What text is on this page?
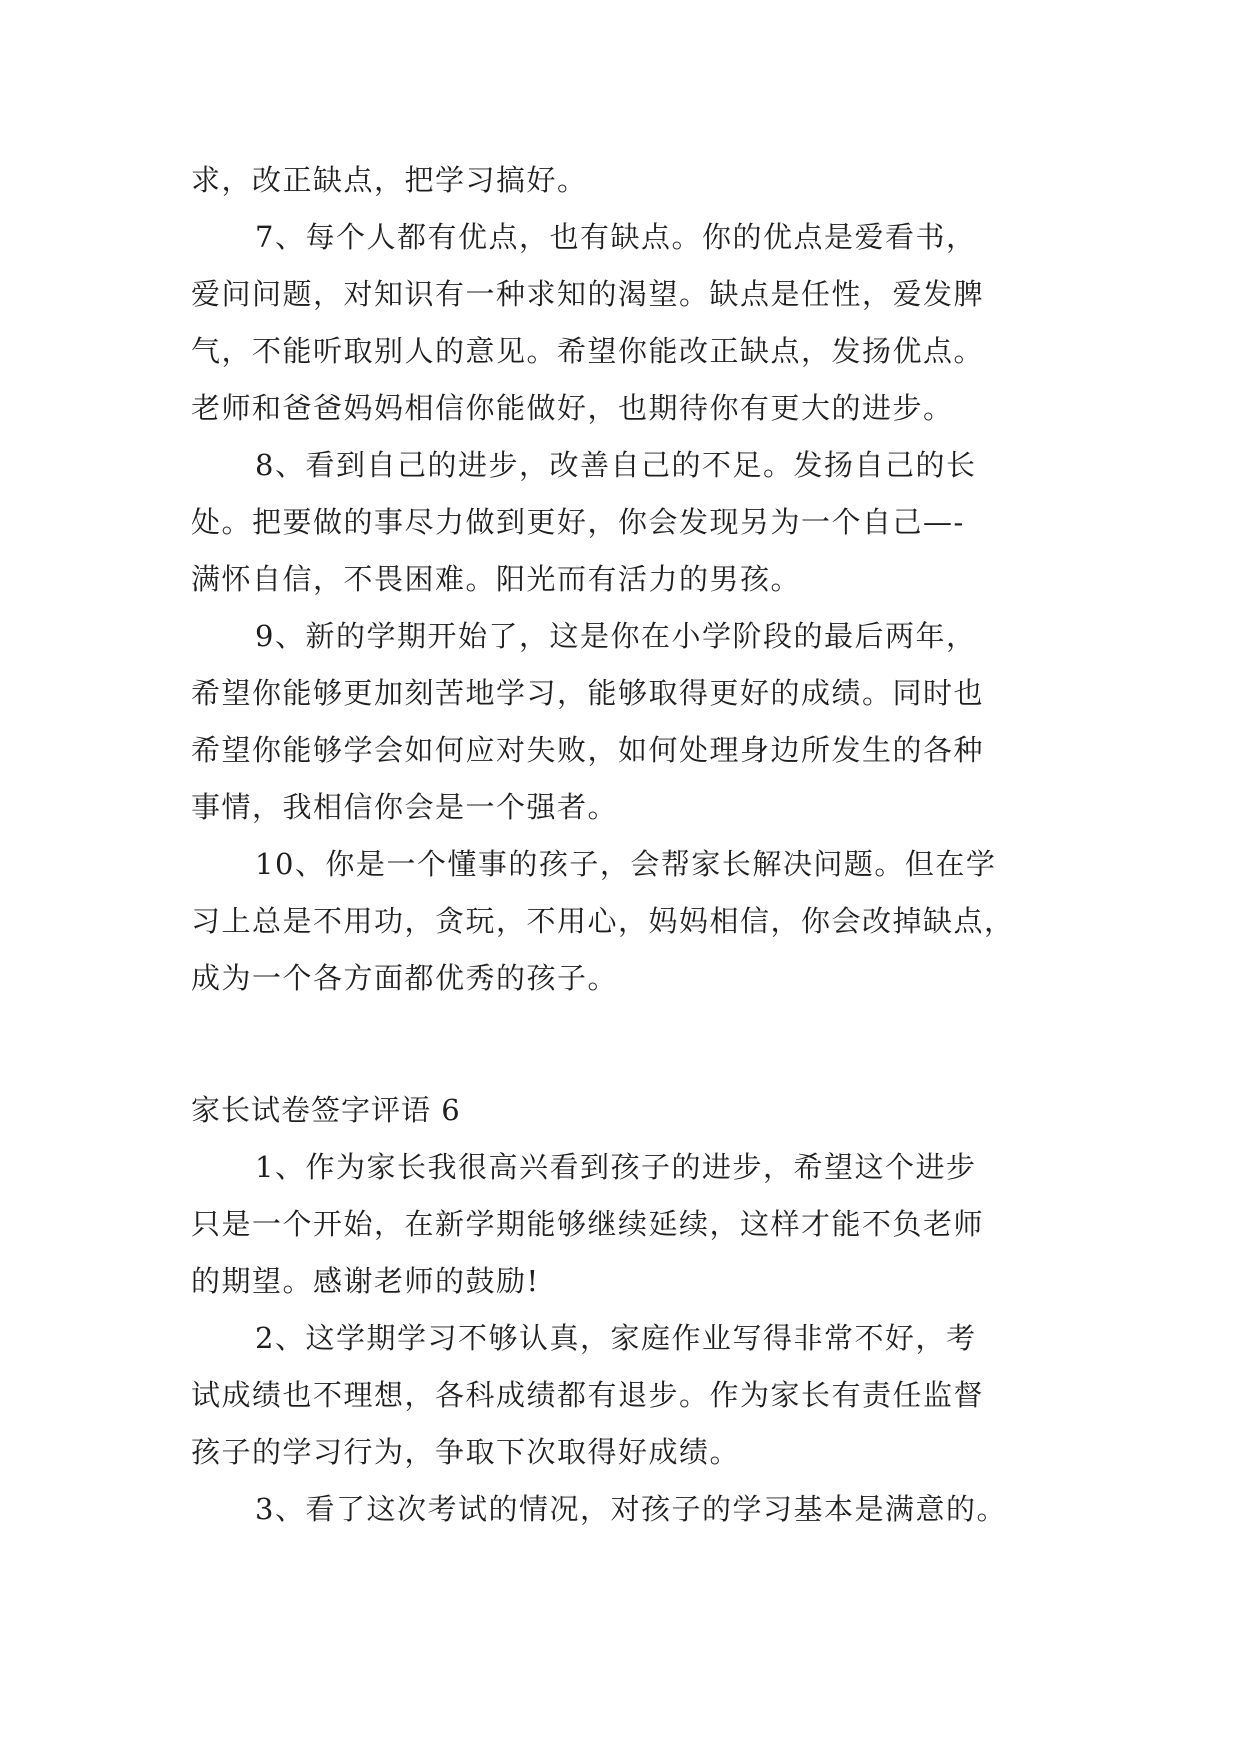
求，改正缺点，把学习搞好。
7、每个人都有优点，也有缺点。你的优点是爱看书，
爱问问题，对知识有一种求知的渴望。缺点是任性，爱发脾
气，不能听取别人的意见。希望你能改正缺点，发扬优点。
老师和爸爸妈妈相信你能做好，也期待你有更大的进步。
8、看到自己的进步，改善自己的不足。发扬自己的长
处。把要做的事尽力做到更好，你会发现另为一个自己—-
满怀自信，不畏困难。阳光而有活力的男孩。
9、新的学期开始了，这是你在小学阶段的最后两年，
希望你能够更加刻苦地学习，能够取得更好的成绩。同时也
希望你能够学会如何应对失败，如何处理身边所发生的各种
事情，我相信你会是一个强者。
10、你是一个懂事的孩子，会帮家长解决问题。但在学
习上总是不用功，贪玩，不用心，妈妈相信，你会改掉缺点，
成为一个各方面都优秀的孩子。
家长试卷签字评语 6
1、作为家长我很高兴看到孩子的进步，希望这个进步
只是一个开始，在新学期能够继续延续，这样才能不负老师
的期望。感谢老师的鼓励!
2、这学期学习不够认真，家庭作业写得非常不好，考
试成绩也不理想，各科成绩都有退步。作为家长有责任监督
孩子的学习行为，争取下次取得好成绩。
3、看了这次考试的情况，对孩子的学习基本是满意的。
